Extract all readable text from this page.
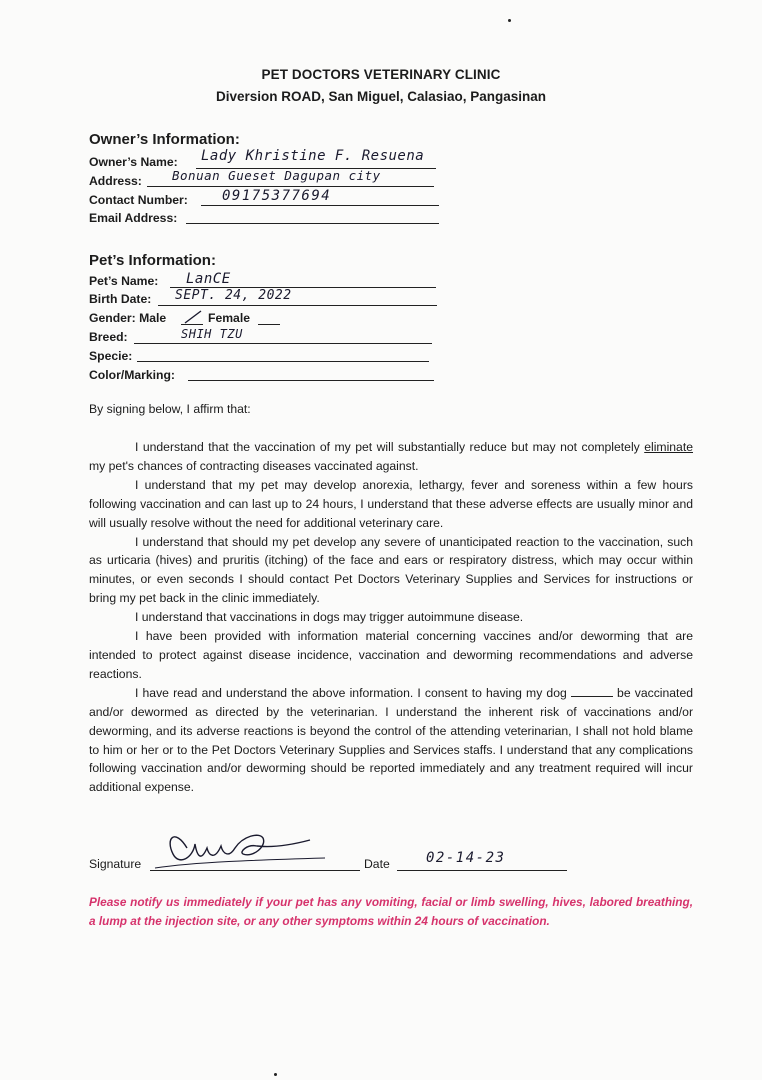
PET DOCTORS VETERINARY CLINIC
Diversion ROAD, San Miguel, Calasiao, Pangasinan
Owner’s Information:
Owner’s Name: Lady Khristine F. Resuena
Address: Bonuan Gueset Dagupan city
Contact Number: 09175377694
Email Address:
Pet’s Information:
Pet’s Name: LanCE
Birth Date: SEPT. 24, 2022
Gender: Male	Female
Breed:	SHIH TZU
Specie:
Color/Marking:
By signing below, I affirm that:

I understand that the vaccination of my pet will substantially reduce but may not completely eliminate my pet's chances of contracting diseases vaccinated against.

I understand that my pet may develop anorexia, lethargy, fever and soreness within a few hours following vaccination and can last up to 24 hours, I understand that these adverse effects are usually minor and will usually resolve without the need for additional veterinary care.

I understand that should my pet develop any severe of unanticipated reaction to the vaccination, such as urticaria (hives) and pruritis (itching) of the face and ears or respiratory distress, which may occur within minutes, or even seconds I should contact Pet Doctors Veterinary Supplies and Services for instructions or bring my pet back in the clinic immediately.

I understand that vaccinations in dogs may trigger autoimmune disease.

I have been provided with information material concerning vaccines and/or deworming that are intended to protect against disease incidence, vaccination and deworming recommendations and adverse reactions.

I have read and understand the above information. I consent to having my dog	be vaccinated and/or dewormed as directed by the veterinarian. I understand the inherent risk of vaccinations and/or deworming, and its adverse reactions is beyond the control of the attending veterinarian, I shall not hold blame to him or her or to the Pet Doctors Veterinary Supplies and Services staffs. I understand that any complications following vaccination and/or deworming should be reported immediately and any treatment required will incur additional expense.

Signature	Date	02-14-23
Please notify us immediately if your pet has any vomiting, facial or limb swelling, hives, labored breathing, a lump at the injection site, or any other symptoms within 24 hours of vaccination.
